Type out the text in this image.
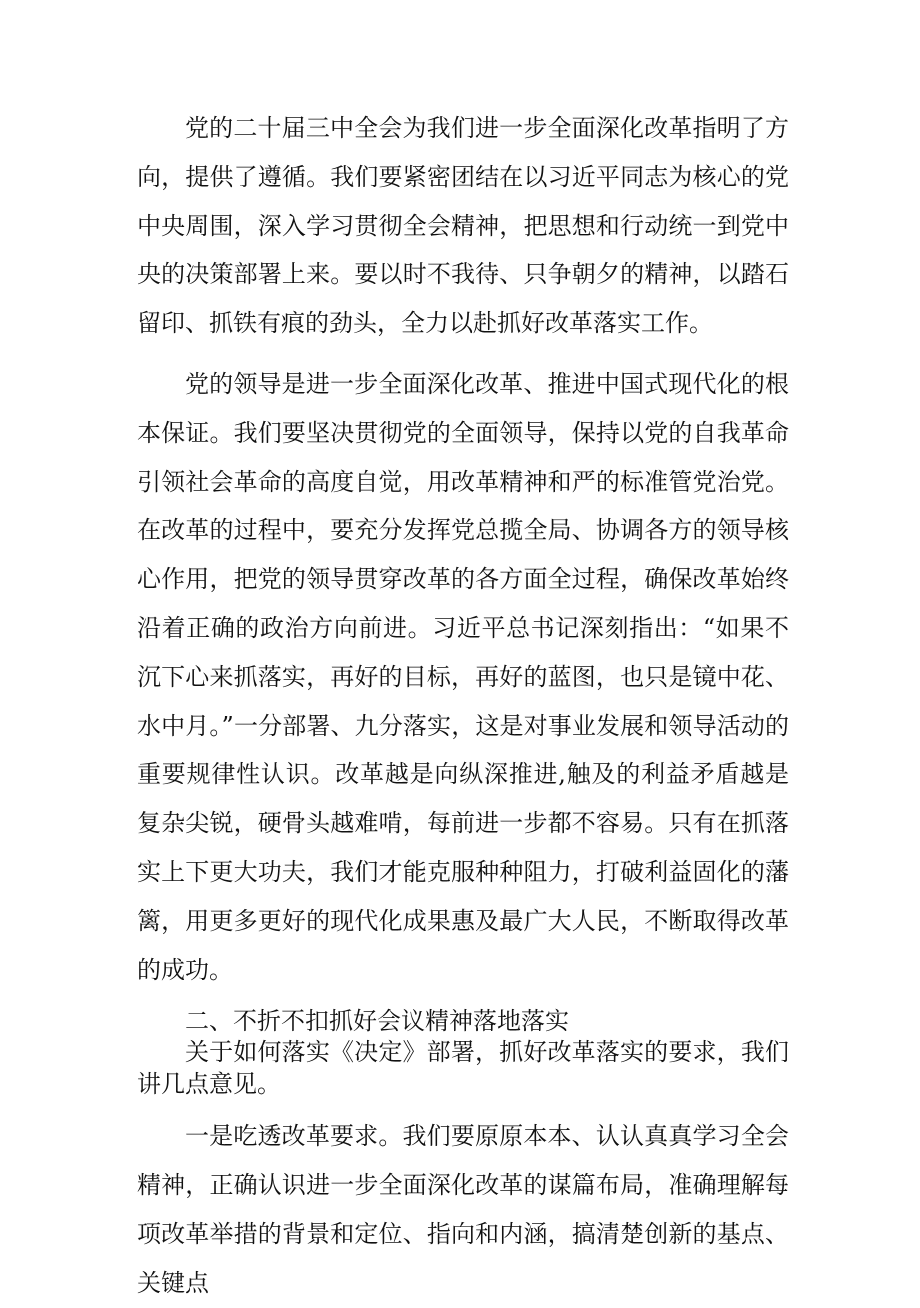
党的二十届三中全会为我们进一步全面深化改革指明了方向，提供了遵循。我们要紧密团结在以习近平同志为核心的党中央周围，深入学习贯彻全会精神，把思想和行动统一到党中央的决策部署上来。要以时不我待、只争朝夕的精神，以踏石留印、抓铁有痕的劲头，全力以赴抓好改革落实工作。

党的领导是进一步全面深化改革、推进中国式现代化的根本保证。我们要坚决贯彻党的全面领导，保持以党的自我革命引领社会革命的高度自觉，用改革精神和严的标准管党治党。在改革的过程中，要充分发挥党总揽全局、协调各方的领导核心作用，把党的领导贯穿改革的各方面全过程，确保改革始终沿着正确的政治方向前进。习近平总书记深刻指出：“如果不沉下心来抓落实，再好的目标，再好的蓝图，也只是镜中花、水中月。”一分部署、九分落实，这是对事业发展和领导活动的重要规律性认识。改革越是向纵深推进,触及的利益矛盾越是复杂尖锐，硬骨头越难啃，每前进一步都不容易。只有在抓落实上下更大功夫，我们才能克服种种阻力，打破利益固化的藩篱，用更多更好的现代化成果惠及最广大人民，不断取得改革的成功。

二、不折不扣抓好会议精神落地落实

关于如何落实《决定》部署，抓好改革落实的要求，我们讲几点意见。

一是吃透改革要求。我们要原原本本、认认真真学习全会精神，正确认识进一步全面深化改革的谋篇布局，准确理解每项改革举措的背景和定位、指向和内涵，搞清楚创新的基点、关键点
